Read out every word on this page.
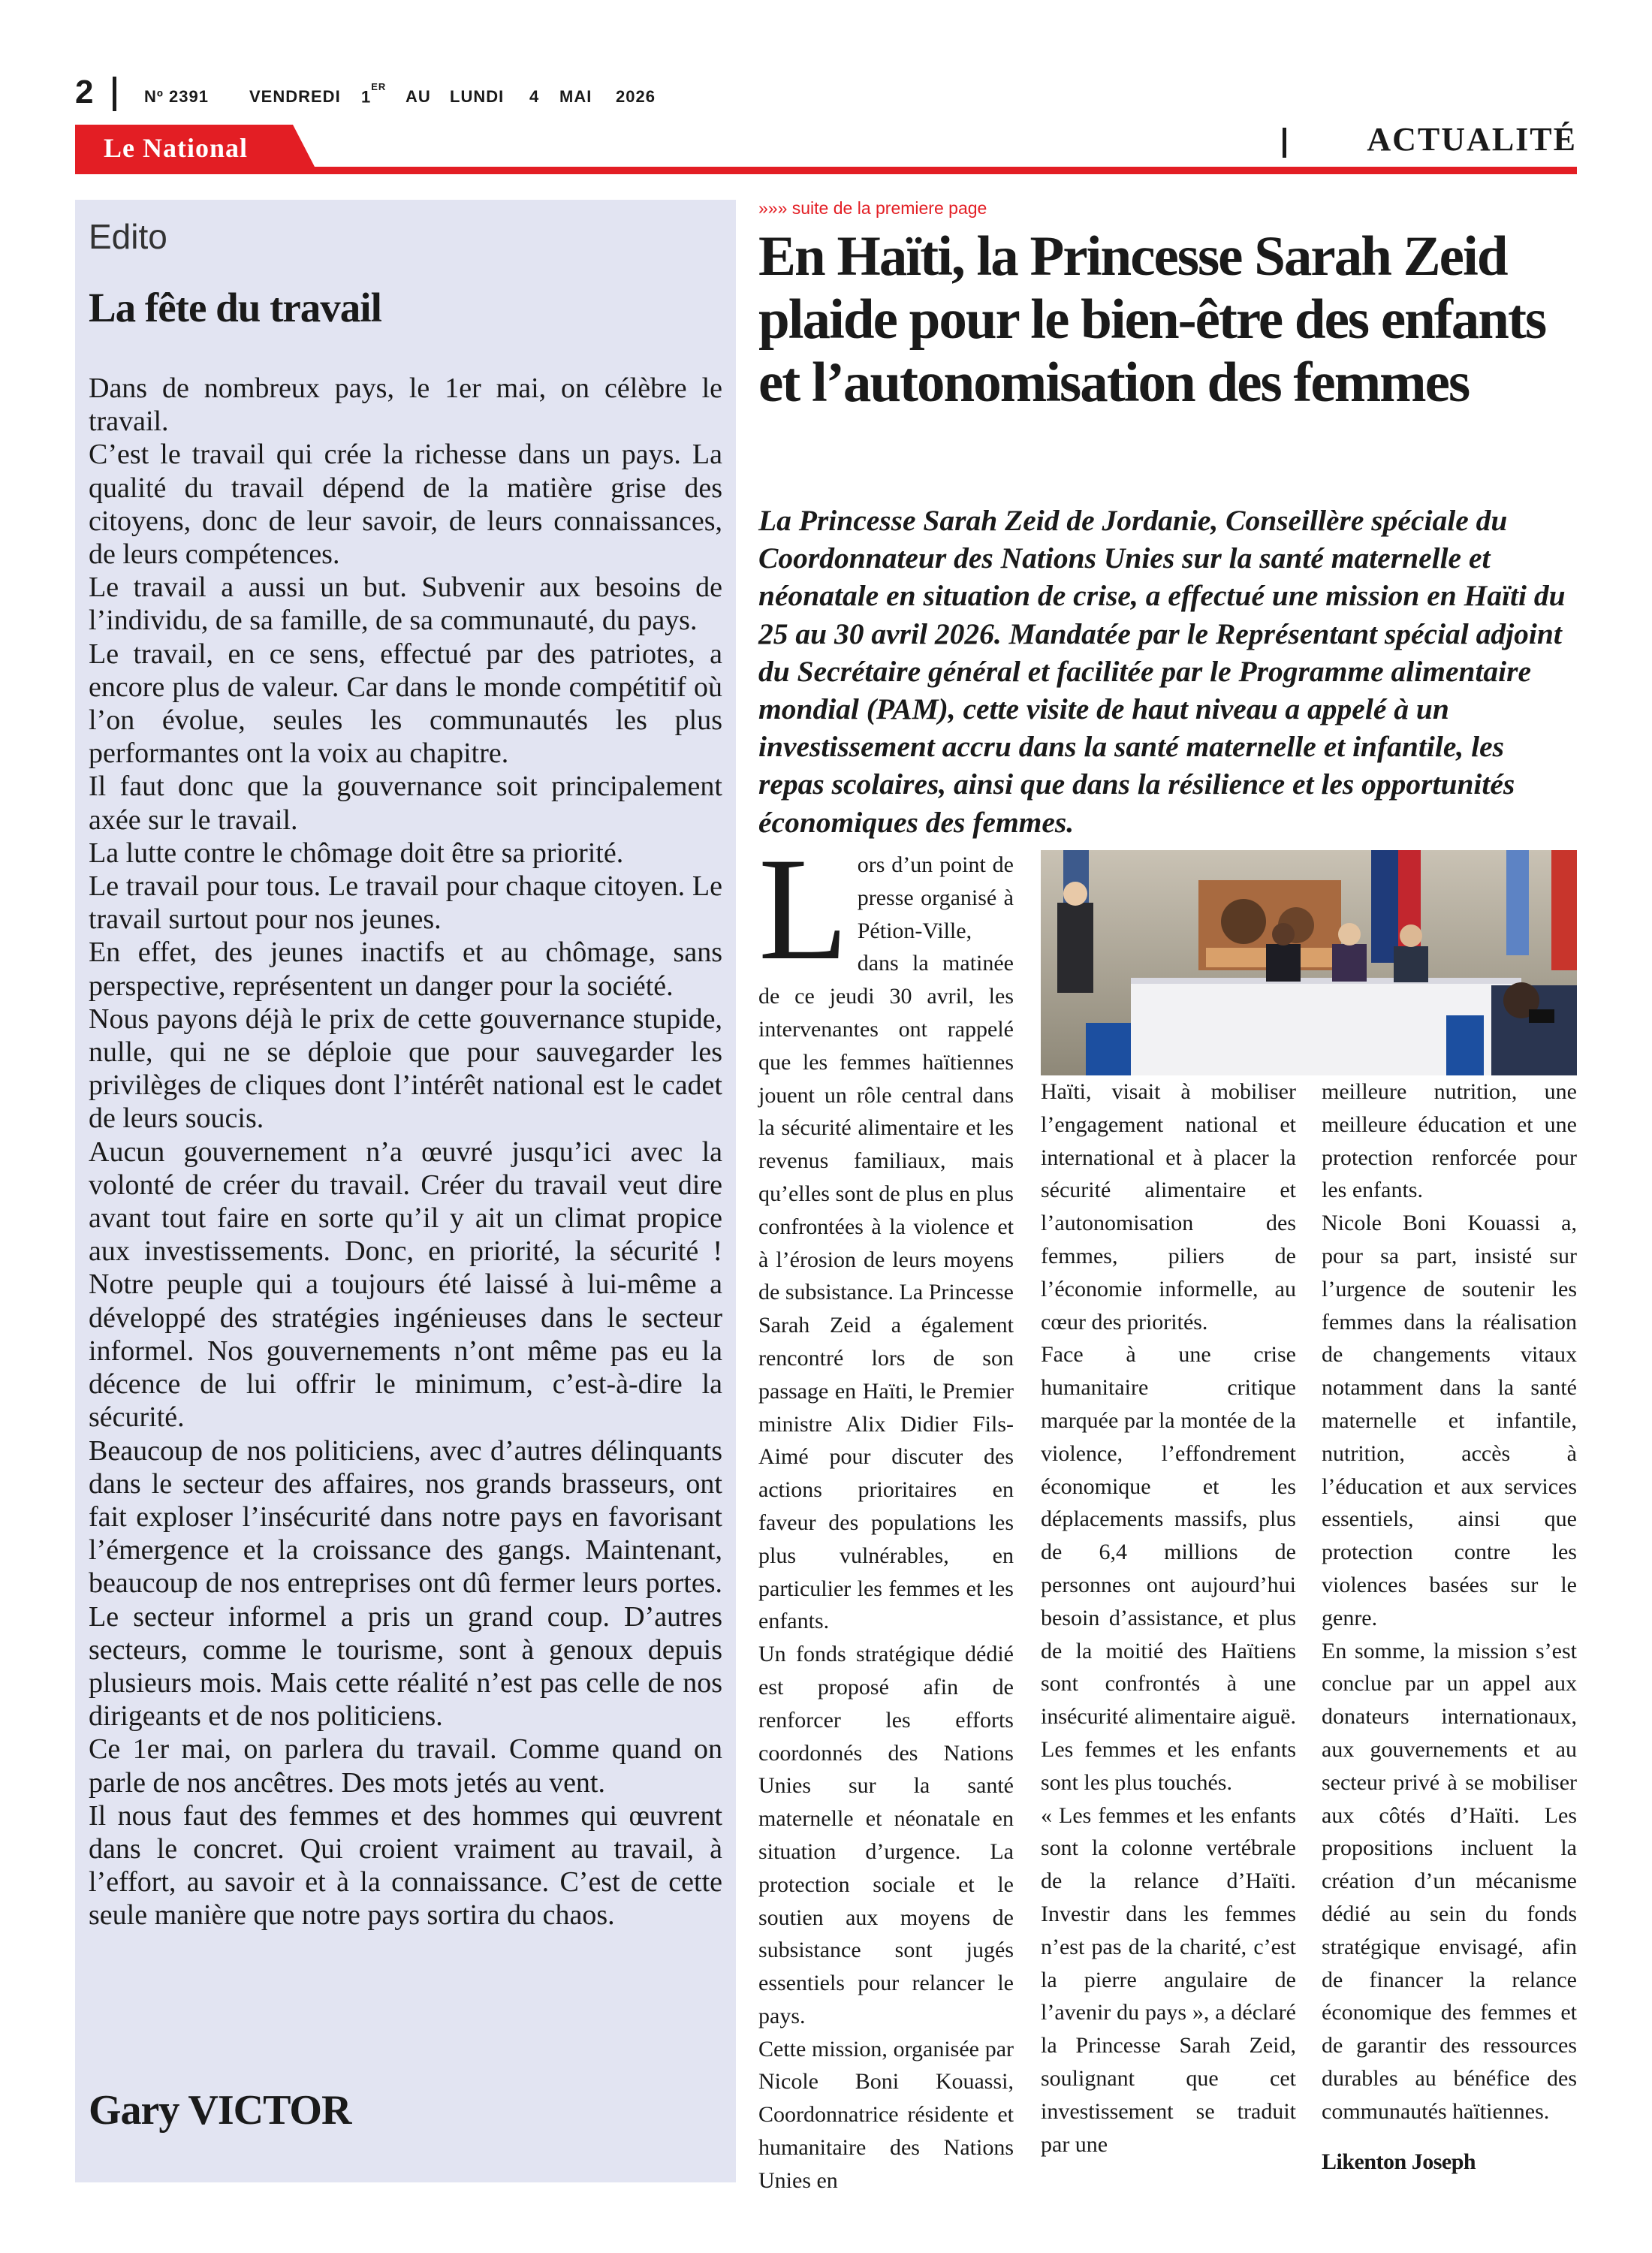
2	Nº 2391 VENDREDI 1ER
AU LUNDI 4 MAI 2026
Le National	ACTUALITÉ
Edito
La fête du travail

Dans de nombreux pays, le 1er mai, on célèbre le travail.

C’est le travail qui crée la richesse dans un pays. La qualité du travail dépend de la matière grise des citoyens, donc de leur savoir, de leurs connaissances, de leurs compétences.

Le travail a aussi un but. Subvenir aux besoins de l’individu, de sa famille, de sa communauté, du pays.

Le travail, en ce sens, effectué par des patriotes, a encore plus de valeur. Car dans le monde compétitif où l’on évolue, seules les communautés les plus performantes ont la voix au chapitre.

Il faut donc que la gouvernance soit principalement axée sur le travail.

La lutte contre le chômage doit être sa priorité.

Le travail pour tous. Le travail pour chaque citoyen. Le travail surtout pour nos jeunes.

En effet, des jeunes inactifs et au chômage, sans perspective, représentent un danger pour la société.

Nous payons déjà le prix de cette gouvernance stupide, nulle, qui ne se déploie que pour sauvegarder les privilèges de cliques dont l’intérêt national est le cadet de leurs soucis.

Aucun gouvernement n’a œuvré jusqu’ici avec la volonté de créer du travail. Créer du travail veut dire avant tout faire en sorte qu’il y ait un climat propice aux investissements. Donc, en priorité, la sécurité ! Notre peuple qui a toujours été laissé à lui-même a développé des stratégies ingénieuses dans le secteur informel. Nos gouvernements n’ont même pas eu la décence de lui offrir le minimum, c’est-à-dire la sécurité.

Beaucoup de nos politiciens, avec d’autres délinquants dans le secteur des affaires, nos grands brasseurs, ont fait exploser l’insécurité dans notre pays en favorisant l’émergence et la croissance des gangs. Maintenant, beaucoup de nos entreprises ont dû fermer leurs portes. Le secteur informel a pris un grand coup. D’autres secteurs, comme le tourisme, sont à genoux depuis plusieurs mois. Mais cette réalité n’est pas celle de nos dirigeants et de nos politiciens.

Ce 1er mai, on parlera du travail. Comme quand on parle de nos ancêtres. Des mots jetés au vent.

Il nous faut des femmes et des hommes qui œuvrent dans le concret. Qui croient vraiment au travail, à l’effort, au savoir et à la connaissance. C’est de cette seule manière que notre pays sortira du chaos.

Gary VICTOR
»»» suite de la premiere page
En Haïti, la Princesse Sarah Zeid plaide pour le bien-être des enfants et l’autonomisation des femmes
La Princesse Sarah Zeid de Jordanie, Conseillère spéciale du Coordonnateur des Nations Unies sur la santé maternelle et néonatale en situation de crise, a effectué une mission en Haïti du 25 au 30 avril 2026. Mandatée par le Représentant spécial adjoint du Secrétaire général et facilitée par le Programme alimentaire mondial (PAM), cette visite de haut niveau a appelé à un investissement accru dans la santé maternelle et infantile, les repas scolaires, ainsi que dans la résilience et les opportunités économiques des femmes.

Lors d’un point de presse organisé à Pétion-Ville, dans la matinée de ce jeudi 30 avril, les intervenantes ont rappelé que les femmes haïtiennes jouent un rôle central dans la sécurité alimentaire et les revenus familiaux, mais qu’elles sont de plus en plus confrontées à la violence et à l’érosion de leurs moyens de subsistance. La Princesse Sarah Zeid a également rencontré lors de son passage en Haïti, le Premier ministre Alix Didier Fils-Aimé pour discuter des actions prioritaires en faveur des populations les plus vulnérables, en particulier les femmes et les enfants.

Un fonds stratégique dédié est proposé afin de renforcer les efforts coordonnés des Nations Unies sur la santé maternelle et néonatale en situation d’urgence. La protection sociale et le soutien aux moyens de subsistance sont jugés essentiels pour relancer le pays.

Cette mission, organisée par Nicole Boni Kouassi, Coordonnatrice résidente et humanitaire des Nations Unies en

Haïti, visait à mobiliser l’engagement national et international et à placer la sécurité alimentaire et l’autonomisation des femmes, piliers de l’économie informelle, au cœur des priorités.

Face à une crise humanitaire critique marquée par la montée de la violence, l’effondrement économique et les déplacements massifs, plus de 6,4 millions de personnes ont aujourd’hui besoin d’assistance, et plus de la moitié des Haïtiens sont confrontés à une insécurité alimentaire aiguë. Les femmes et les enfants sont les plus touchés.

« Les femmes et les enfants sont la colonne vertébrale de la relance d’Haïti. Investir dans les femmes n’est pas de la charité, c’est la pierre angulaire de l’avenir du pays », a déclaré la Princesse Sarah Zeid, soulignant que cet investissement se traduit par une

meilleure nutrition, une meilleure éducation et une protection renforcée pour les enfants.

Nicole Boni Kouassi a, pour sa part, insisté sur l’urgence de soutenir les femmes dans la réalisation de changements vitaux notamment dans la santé maternelle et infantile, nutrition, accès à l’éducation et aux services essentiels, ainsi que protection contre les violences basées sur le genre.

En somme, la mission s’est conclue par un appel aux donateurs internationaux, aux gouvernements et au secteur privé à se mobiliser aux côtés d’Haïti. Les propositions incluent la création d’un mécanisme dédié au sein du fonds stratégique envisagé, afin de financer la relance économique des femmes et de garantir des ressources durables au bénéfice des communautés haïtiennes.

Likenton Joseph
